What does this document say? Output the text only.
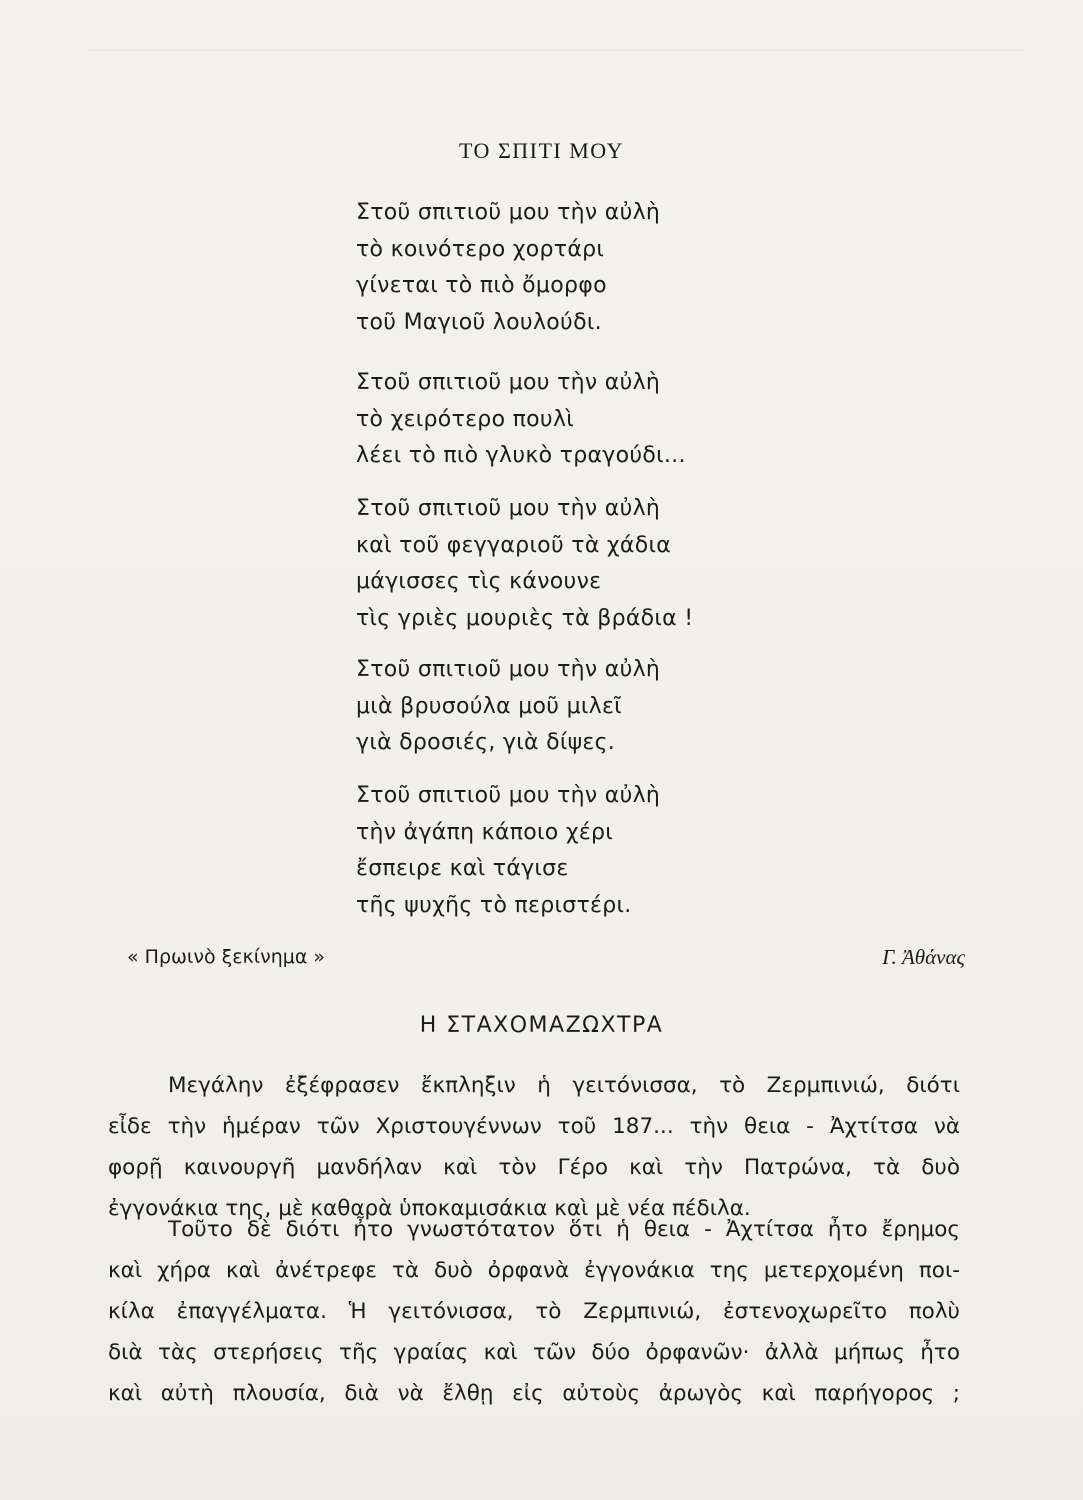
ΤΟ ΣΠΙΤΙ ΜΟΥ
Στοῦ σπιτιοῦ μου τὴν αὐλὴ
τὸ κοινότερο χορτάρι
γίνεται τὸ πιὸ ὄμορφο
τοῦ Μαγιοῦ λουλούδι.
Στοῦ σπιτιοῦ μου τὴν αὐλὴ
τὸ χειρότερο πουλὶ
λέει τὸ πιὸ γλυκὸ τραγούδι...
Στοῦ σπιτιοῦ μου τὴν αὐλὴ
καὶ τοῦ φεγγαριοῦ τὰ χάδια
μάγισσες τὶς κάνουνε
τὶς γριὲς μουριὲς τὰ βράδια !
Στοῦ σπιτιοῦ μου τὴν αὐλὴ
μιὰ βρυσούλα μοῦ μιλεῖ
γιὰ δροσιές, γιὰ δίψες.
Στοῦ σπιτιοῦ μου τὴν αὐλὴ
τὴν ἀγάπη κάποιο χέρι
ἔσπειρε καὶ τάγισε
τῆς ψυχῆς τὸ περιστέρι.
« Πρωινὸ ξεκίνημα »	Γ. Ἀθάνας
Η ΣΤΑΧΟΜΑΖΩΧΤΡΑ
Μεγάλην ἐξέφρασεν ἔκπληξιν ἡ γειτόνισσα, τὸ Ζερμπινιώ, διότι
εἶδε τὴν ἡμέραν τῶν Χριστουγέννων τοῦ 187... τὴν θεια - Ἀχτίτσα νὰ
φορῇ καινουργῆ μανδήλαν καὶ τὸν Γέρο καὶ τὴν Πατρώνα, τὰ δυὸ
ἐγγονάκια της, μὲ καθαρὰ ὑποκαμισάκια καὶ μὲ νέα πέδιλα.
Τοῦτο δὲ διότι ἦτο γνωστότατον ὅτι ἡ θεια - Ἀχτίτσα ἦτο ἔρημος
καὶ χήρα καὶ ἀνέτρεφε τὰ δυὸ ὀρφανὰ ἐγγονάκια της μετερχομένη ποι-
κίλα ἐπαγγέλματα. Ἡ γειτόνισσα, τὸ Ζερμπινιώ, ἐστενοχωρεῖτο πολὺ
διὰ τὰς στερήσεις τῆς γραίας καὶ τῶν δύο ὀρφανῶν· ἀλλὰ μήπως ἦτο
καὶ αὐτὴ πλουσία, διὰ νὰ ἔλθῃ εἰς αὐτοὺς ἀρωγὸς καὶ παρήγορος ;
